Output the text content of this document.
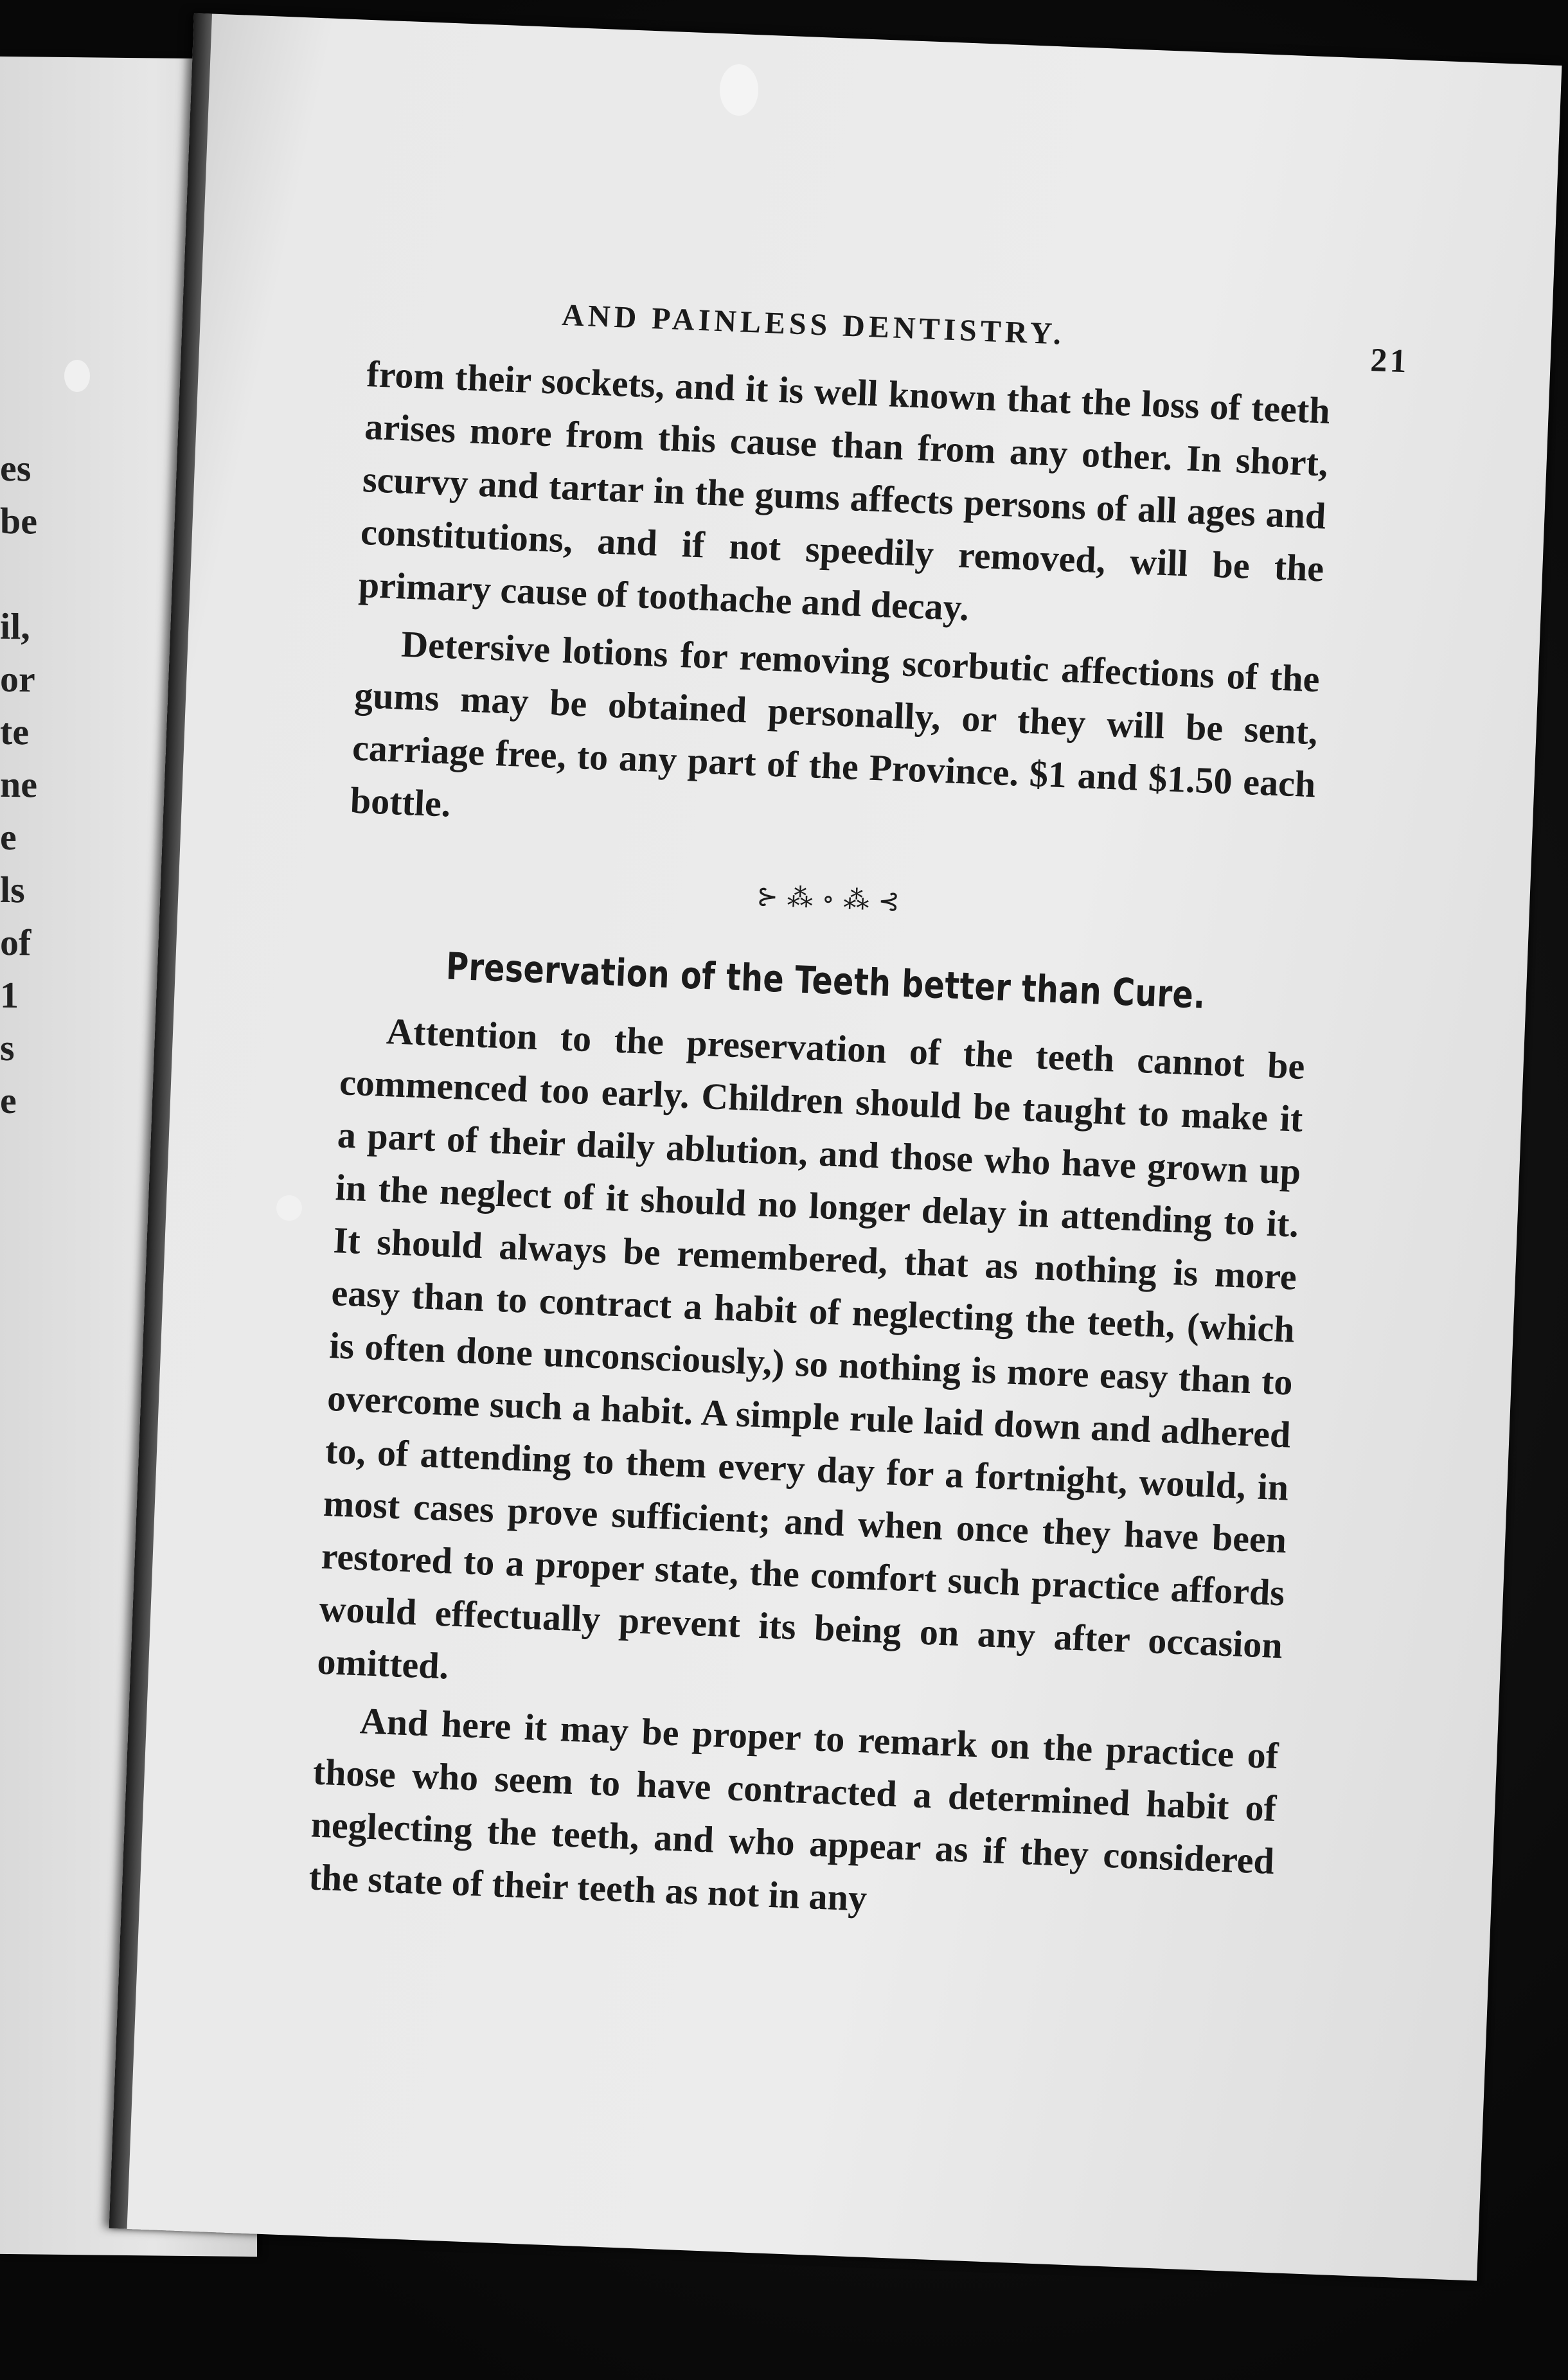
es
be
il,
or
te
ne
e
ls
of
1
s
e
AND PAINLESS DENTISTRY.
21

from their sockets, and it is well known that the loss of teeth arises more from this cause than from any other. In short, scurvy and tartar in the gums affects persons of all ages and constitutions, and if not speedily removed, will be the primary cause of toothache and decay.

Detersive lotions for removing scorbutic affections of the gums may be obtained personally, or they will be sent, carriage free, to any part of the Province. $1 and $1.50 each bottle.

⊱ ⁂ ∘ ⁂ ⊰
Preservation of the Teeth better than Cure.

Attention to the preservation of the teeth cannot be commenced too early. Children should be taught to make it a part of their daily ablution, and those who have grown up in the neglect of it should no longer delay in attending to it. It should always be remembered, that as nothing is more easy than to contract a habit of neglecting the teeth, (which is often done unconsciously,) so nothing is more easy than to overcome such a habit. A simple rule laid down and adhered to, of attending to them every day for a fortnight, would, in most cases prove sufficient; and when once they have been restored to a proper state, the comfort such practice affords would effectually prevent its being on any after occasion omitted.

And here it may be proper to remark on the practice of those who seem to have contracted a determined habit of neglecting the teeth, and who appear as if they considered the state of their teeth as not in any
